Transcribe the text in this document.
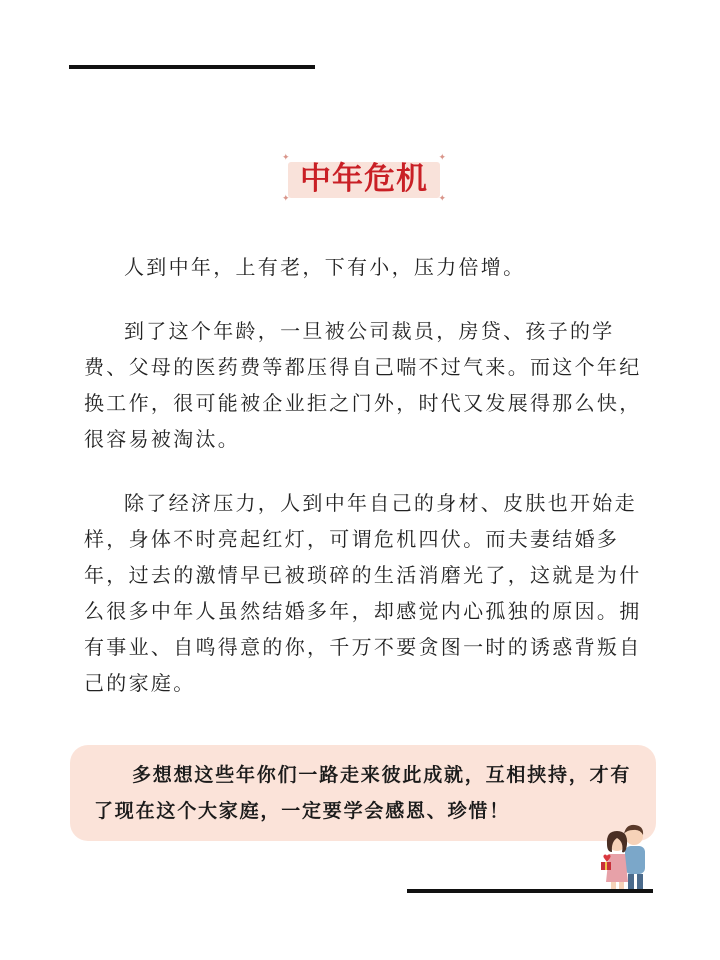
✦	✦
✦	✦
中年危机

人到中年，上有老，下有小，压力倍增。

到了这个年龄，一旦被公司裁员，房贷、孩子的学费、父母的医药费等都压得自己喘不过气来。而这个年纪换工作，很可能被企业拒之门外，时代又发展得那么快，很容易被淘汰。

除了经济压力，人到中年自己的身材、皮肤也开始走样，身体不时亮起红灯，可谓危机四伏。而夫妻结婚多年，过去的激情早已被琐碎的生活消磨光了，这就是为什么很多中年人虽然结婚多年，却感觉内心孤独的原因。拥有事业、自鸣得意的你，千万不要贪图一时的诱惑背叛自己的家庭。

多想想这些年你们一路走来彼此成就，互相挟持，才有了现在这个大家庭，一定要学会感恩、珍惜！
